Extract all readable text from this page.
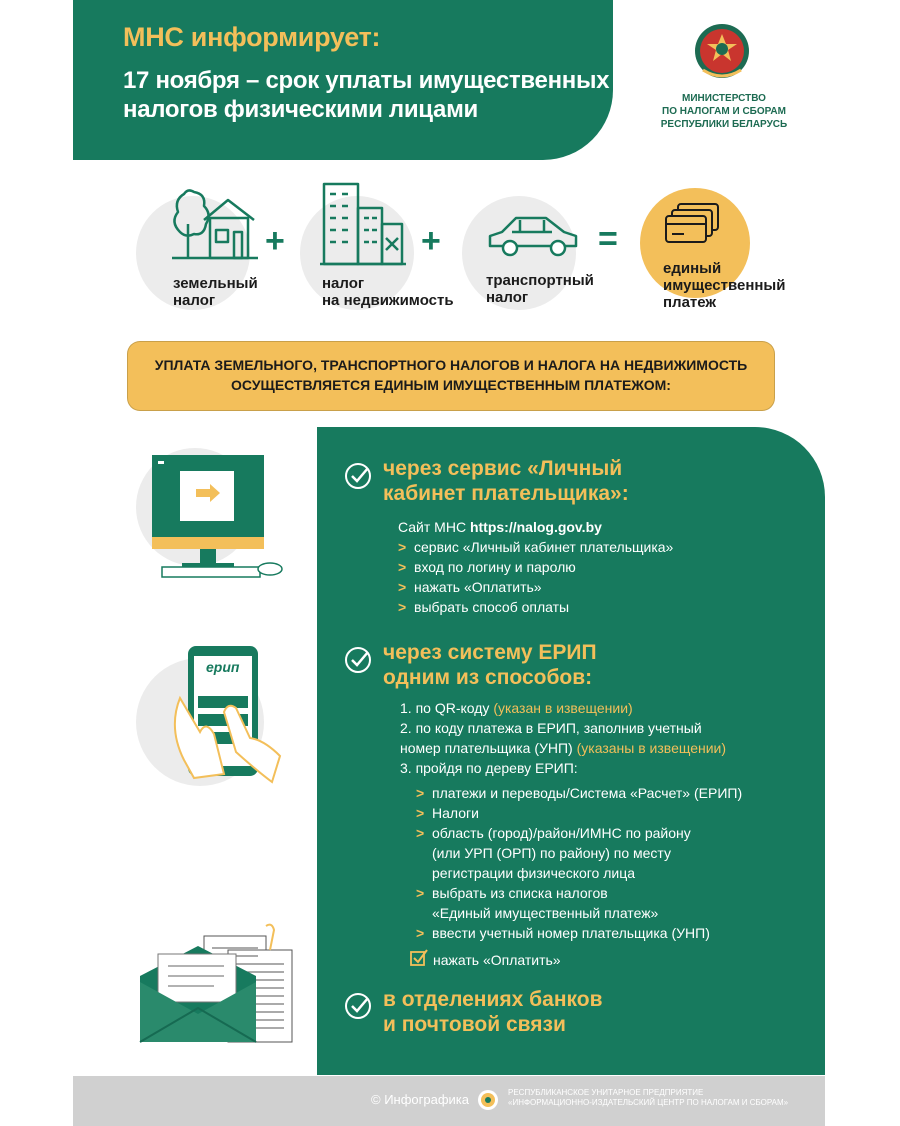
МНС информирует:

17 ноября – срок уплаты имущественных налогов физическими лицами	МИНИСТЕРСТВО
ПО НАЛОГАМ И СБОРАМ
РЕСПУБЛИКИ БЕЛАРУСЬ
земельный
налог
+
налог
на недвижимость
+
транспортный
налог
=
единый
имущественный
платеж

УПЛАТА ЗЕМЕЛЬНОГО, ТРАНСПОРТНОГО НАЛОГОВ И НАЛОГА НА НЕДВИЖИМОСТЬ
ОСУЩЕСТВЛЯЕТСЯ ЕДИНЫМ ИМУЩЕСТВЕННЫМ ПЛАТЕЖОМ:

ерип
через сервис «Личный
кабинет плательщика»:
Сайт МНС https://nalog.gov.by
> сервис «Личный кабинет плательщика»
> вход по логину и паролю
> нажать «Оплатить»
> выбрать способ оплаты
через систему ЕРИП
одним из способов:
1. по QR-коду (указан в извещении)
2. по коду платежа в ЕРИП, заполнив учетный
номер плательщика (УНП) (указаны в извещении)
3. пройдя по дереву ЕРИП:
> платежи и переводы/Система «Расчет» (ЕРИП)
> Налоги
> область (город)/район/ИМНС по району
(или УРП (ОРП) по району) по месту
регистрации физического лица
> выбрать из списка налогов
«Единый имущественный платеж»
> ввести учетный номер плательщика (УНП)
нажать «Оплатить»
в отделениях банков
и почтовой связи
© Инфографика	РЕСПУБЛИКАНСКОЕ УНИТАРНОЕ ПРЕДПРИЯТИЕ
«ИНФОРМАЦИОННО-ИЗДАТЕЛЬСКИЙ ЦЕНТР ПО НАЛОГАМ И СБОРАМ»
